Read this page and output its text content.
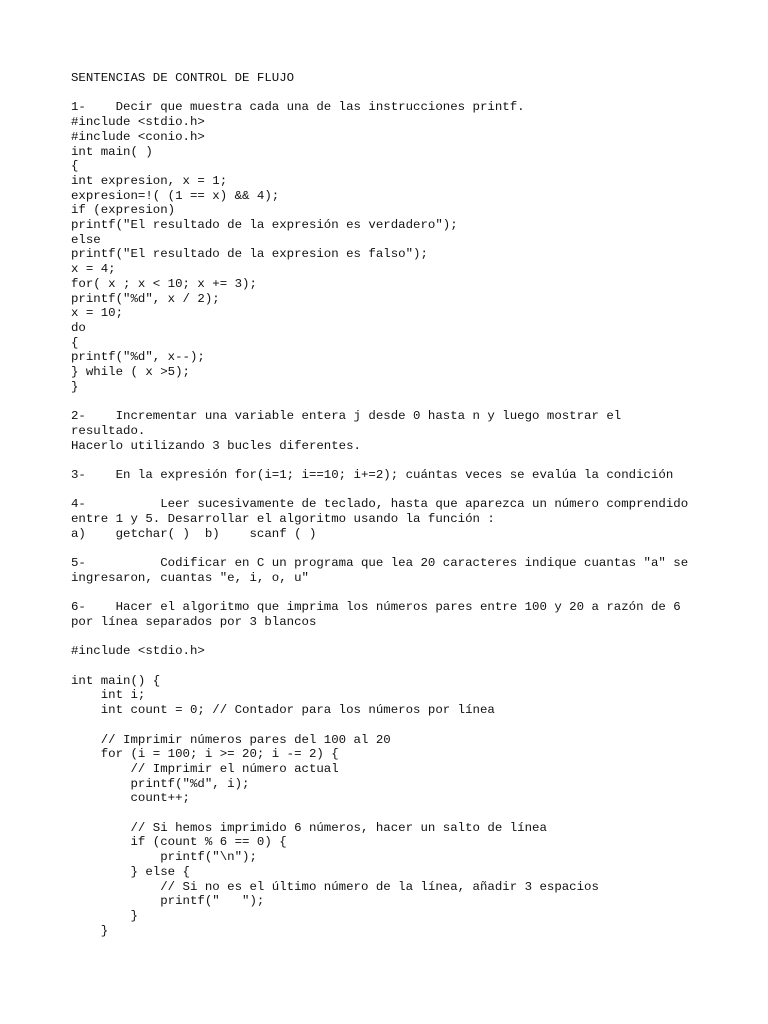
SENTENCIAS DE CONTROL DE FLUJO
1-    Decir que muestra cada una de las instrucciones printf.
#include <stdio.h>
#include <conio.h>
int main( )
{
int expresion, x = 1;
expresion=!( (1 == x) && 4);
if (expresion)
printf("El resultado de la expresión es verdadero");
else
printf("El resultado de la expresion es falso");
x = 4;
for( x ; x < 10; x += 3);
printf("%d", x / 2);
x = 10;
do
{
printf("%d", x--);
} while ( x >5);
}
2-    Incrementar una variable entera j desde 0 hasta n y luego mostrar el
resultado.
Hacerlo utilizando 3 bucles diferentes.
3-    En la expresión for(i=1; i==10; i+=2); cuántas veces se evalúa la condición
4-          Leer sucesivamente de teclado, hasta que aparezca un número comprendido
entre 1 y 5. Desarrollar el algoritmo usando la función :
a)    getchar( )  b)    scanf ( )
5-          Codificar en C un programa que lea 20 caracteres indique cuantas "a" se
ingresaron, cuantas "e, i, o, u"
6-    Hacer el algoritmo que imprima los números pares entre 100 y 20 a razón de 6
por línea separados por 3 blancos
#include <stdio.h>
int main() {
int i;
int count = 0; // Contador para los números por línea
// Imprimir números pares del 100 al 20
for (i = 100; i >= 20; i -= 2) {
// Imprimir el número actual
printf("%d", i);
count++;
// Si hemos imprimido 6 números, hacer un salto de línea
if (count % 6 == 0) {
printf("\n");
} else {
// Si no es el último número de la línea, añadir 3 espacios
printf("   ");
}
}
